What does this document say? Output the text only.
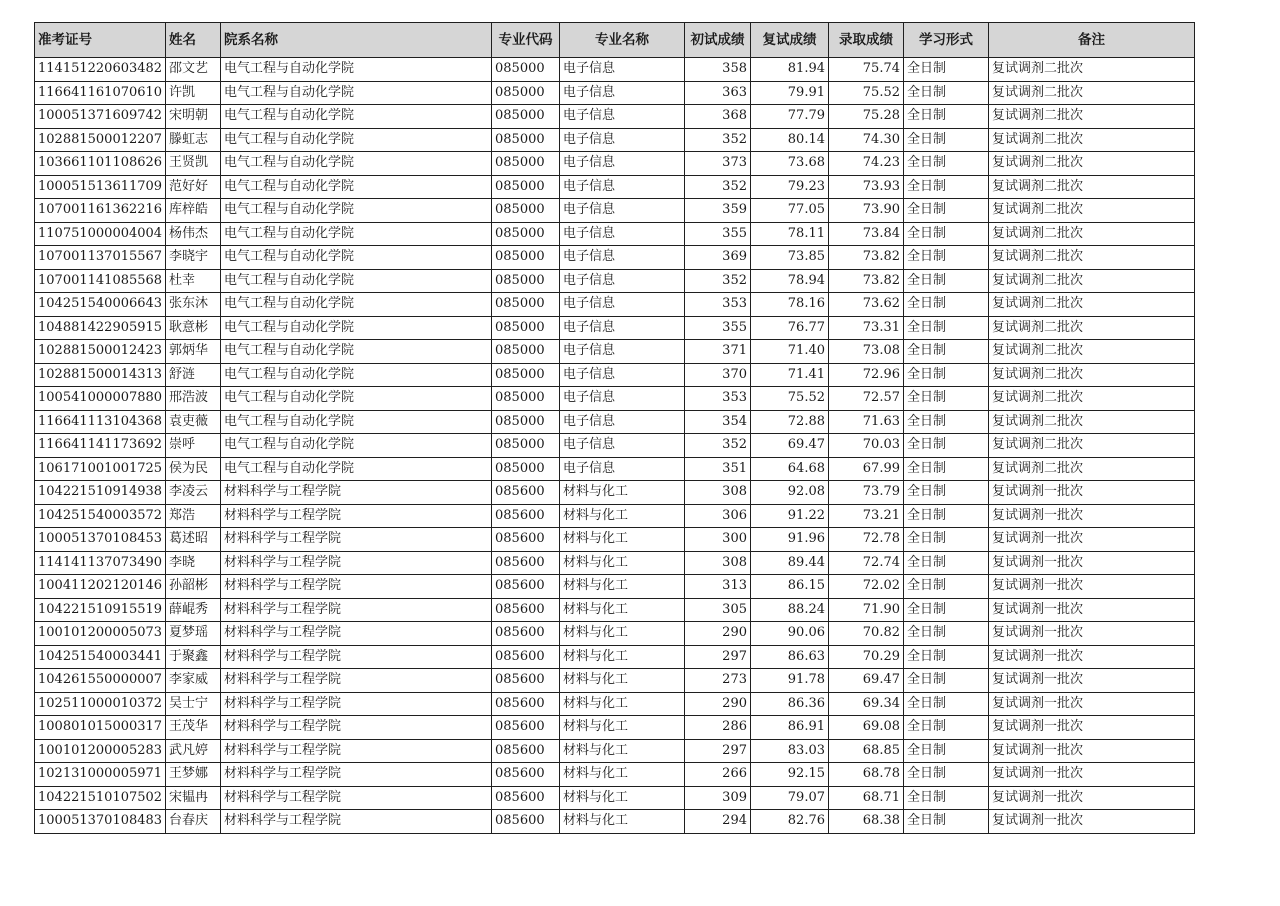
准考证号	姓名	院系名称	专业代码	专业名称	初试成绩	复试成绩	录取成绩	学习形式	备注
114151220603482	邵文艺	电气工程与自动化学院	085000	电子信息	358	81.94	75.74	全日制	复试调剂二批次
116641161070610	许凯	电气工程与自动化学院	085000	电子信息	363	79.91	75.52	全日制	复试调剂二批次
100051371609742	宋明朝	电气工程与自动化学院	085000	电子信息	368	77.79	75.28	全日制	复试调剂二批次
102881500012207	滕虹志	电气工程与自动化学院	085000	电子信息	352	80.14	74.30	全日制	复试调剂二批次
103661101108626	王贤凯	电气工程与自动化学院	085000	电子信息	373	73.68	74.23	全日制	复试调剂二批次
100051513611709	范好好	电气工程与自动化学院	085000	电子信息	352	79.23	73.93	全日制	复试调剂二批次
107001161362216	库梓皓	电气工程与自动化学院	085000	电子信息	359	77.05	73.90	全日制	复试调剂二批次
110751000004004	杨伟杰	电气工程与自动化学院	085000	电子信息	355	78.11	73.84	全日制	复试调剂二批次
107001137015567	李晓宇	电气工程与自动化学院	085000	电子信息	369	73.85	73.82	全日制	复试调剂二批次
107001141085568	杜幸	电气工程与自动化学院	085000	电子信息	352	78.94	73.82	全日制	复试调剂二批次
104251540006643	张东沐	电气工程与自动化学院	085000	电子信息	353	78.16	73.62	全日制	复试调剂二批次
104881422905915	耿意彬	电气工程与自动化学院	085000	电子信息	355	76.77	73.31	全日制	复试调剂二批次
102881500012423	郭炳华	电气工程与自动化学院	085000	电子信息	371	71.40	73.08	全日制	复试调剂二批次
102881500014313	舒涟	电气工程与自动化学院	085000	电子信息	370	71.41	72.96	全日制	复试调剂二批次
100541000007880	邢浩波	电气工程与自动化学院	085000	电子信息	353	75.52	72.57	全日制	复试调剂二批次
116641113104368	袁吏薇	电气工程与自动化学院	085000	电子信息	354	72.88	71.63	全日制	复试调剂二批次
116641141173692	崇呼	电气工程与自动化学院	085000	电子信息	352	69.47	70.03	全日制	复试调剂二批次
106171001001725	侯为民	电气工程与自动化学院	085000	电子信息	351	64.68	67.99	全日制	复试调剂二批次
104221510914938	李凌云	材料科学与工程学院	085600	材料与化工	308	92.08	73.79	全日制	复试调剂一批次
104251540003572	郑浩	材料科学与工程学院	085600	材料与化工	306	91.22	73.21	全日制	复试调剂一批次
100051370108453	葛述昭	材料科学与工程学院	085600	材料与化工	300	91.96	72.78	全日制	复试调剂一批次
114141137073490	李晓	材料科学与工程学院	085600	材料与化工	308	89.44	72.74	全日制	复试调剂一批次
100411202120146	孙韶彬	材料科学与工程学院	085600	材料与化工	313	86.15	72.02	全日制	复试调剂一批次
104221510915519	薛崐秀	材料科学与工程学院	085600	材料与化工	305	88.24	71.90	全日制	复试调剂一批次
100101200005073	夏梦瑶	材料科学与工程学院	085600	材料与化工	290	90.06	70.82	全日制	复试调剂一批次
104251540003441	于聚鑫	材料科学与工程学院	085600	材料与化工	297	86.63	70.29	全日制	复试调剂一批次
104261550000007	李家威	材料科学与工程学院	085600	材料与化工	273	91.78	69.47	全日制	复试调剂一批次
102511000010372	吴士宁	材料科学与工程学院	085600	材料与化工	290	86.36	69.34	全日制	复试调剂一批次
100801015000317	王茂华	材料科学与工程学院	085600	材料与化工	286	86.91	69.08	全日制	复试调剂一批次
100101200005283	武凡婷	材料科学与工程学院	085600	材料与化工	297	83.03	68.85	全日制	复试调剂一批次
102131000005971	王梦娜	材料科学与工程学院	085600	材料与化工	266	92.15	68.78	全日制	复试调剂一批次
104221510107502	宋韫冉	材料科学与工程学院	085600	材料与化工	309	79.07	68.71	全日制	复试调剂一批次
100051370108483	台春庆	材料科学与工程学院	085600	材料与化工	294	82.76	68.38	全日制	复试调剂一批次
